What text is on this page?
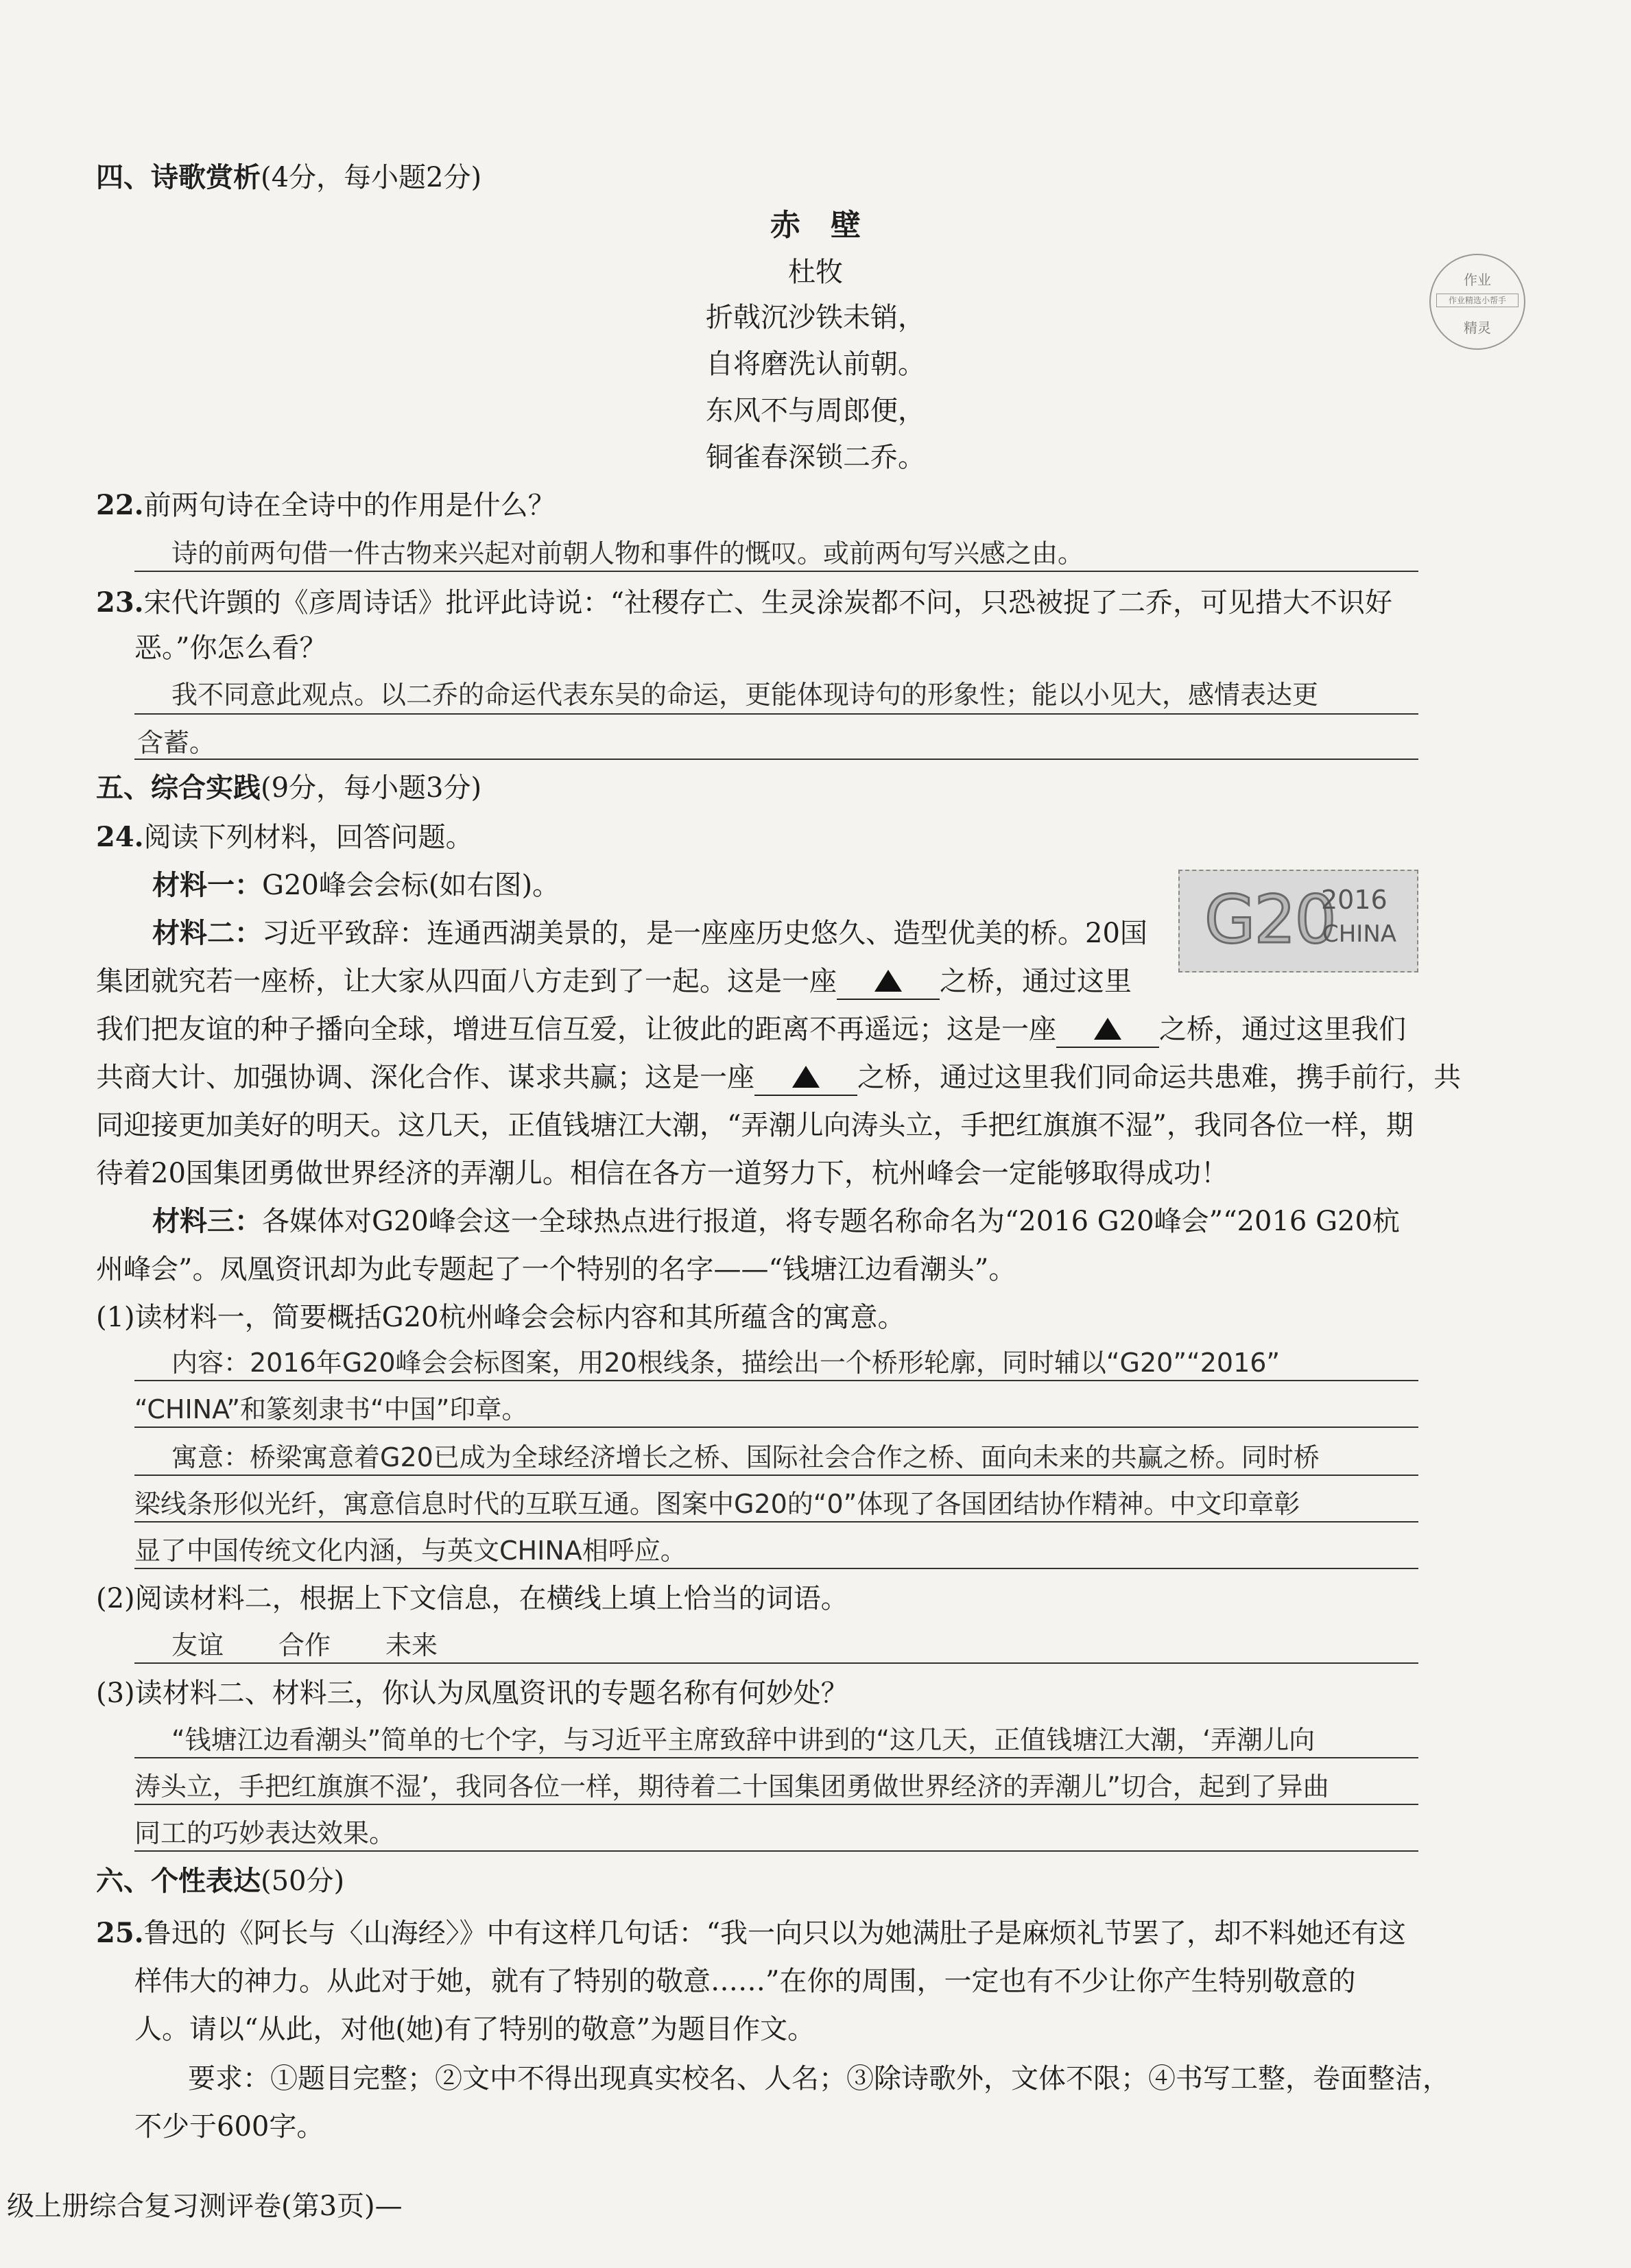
作业
作业精选小帮手
精灵
四、诗歌赏析(4分，每小题2分)
赤　壁
杜牧
折戟沉沙铁未销，
自将磨洗认前朝。
东风不与周郎便，
铜雀春深锁二乔。
22.前两句诗在全诗中的作用是什么？
诗的前两句借一件古物来兴起对前朝人物和事件的慨叹。或前两句写兴感之由。
23.宋代许顗的《彦周诗话》批评此诗说：“社稷存亡、生灵涂炭都不问，只恐被捉了二乔，可见措大不识好
恶。”你怎么看？
我不同意此观点。以二乔的命运代表东吴的命运，更能体现诗句的形象性；能以小见大，感情表达更
含蓄。
五、综合实践(9分，每小题3分)
24.阅读下列材料，回答问题。
材料一：G20峰会会标(如右图)。	G20
2016
CHINA
材料二：习近平致辞：连通西湖美景的，是一座座历史悠久、造型优美的桥。20国
集团就究若一座桥，让大家从四面八方走到了一起。这是一座	之桥，通过这里
我们把友谊的种子播向全球，增进互信互爱，让彼此的距离不再遥远；这是一座	之桥，通过这里我们
共商大计、加强协调、深化合作、谋求共赢；这是一座	之桥，通过这里我们同命运共患难，携手前行，共
同迎接更加美好的明天。这几天，正值钱塘江大潮，“弄潮儿向涛头立，手把红旗旗不湿”，我同各位一样，期
待着20国集团勇做世界经济的弄潮儿。相信在各方一道努力下，杭州峰会一定能够取得成功！
材料三：各媒体对G20峰会这一全球热点进行报道，将专题名称命名为“2016 G20峰会”“2016 G20杭
州峰会”。凤凰资讯却为此专题起了一个特别的名字——“钱塘江边看潮头”。
(1)读材料一，简要概括G20杭州峰会会标内容和其所蕴含的寓意。
内容：2016年G20峰会会标图案，用20根线条，描绘出一个桥形轮廓，同时辅以“G20”“2016”
“CHINA”和篆刻隶书“中国”印章。
寓意：桥梁寓意着G20已成为全球经济增长之桥、国际社会合作之桥、面向未来的共赢之桥。同时桥
梁线条形似光纤，寓意信息时代的互联互通。图案中G20的“0”体现了各国团结协作精神。中文印章彰
显了中国传统文化内涵，与英文CHINA相呼应。
(2)阅读材料二，根据上下文信息，在横线上填上恰当的词语。
友谊 合作 未来
(3)读材料二、材料三，你认为凤凰资讯的专题名称有何妙处？
“钱塘江边看潮头”简单的七个字，与习近平主席致辞中讲到的“这几天，正值钱塘江大潮，‘弄潮儿向
涛头立，手把红旗旗不湿’，我同各位一样，期待着二十国集团勇做世界经济的弄潮儿”切合，起到了异曲
同工的巧妙表达效果。
六、个性表达(50分)
25.鲁迅的《阿长与〈山海经〉》中有这样几句话：“我一向只以为她满肚子是麻烦礼节罢了，却不料她还有这
样伟大的神力。从此对于她，就有了特别的敬意……”在你的周围，一定也有不少让你产生特别敬意的
人。请以“从此，对他(她)有了特别的敬意”为题目作文。
要求：①题目完整；②文中不得出现真实校名、人名；③除诗歌外，文体不限；④书写工整，卷面整洁，
不少于600字。
级上册综合复习测评卷(第3页)—
